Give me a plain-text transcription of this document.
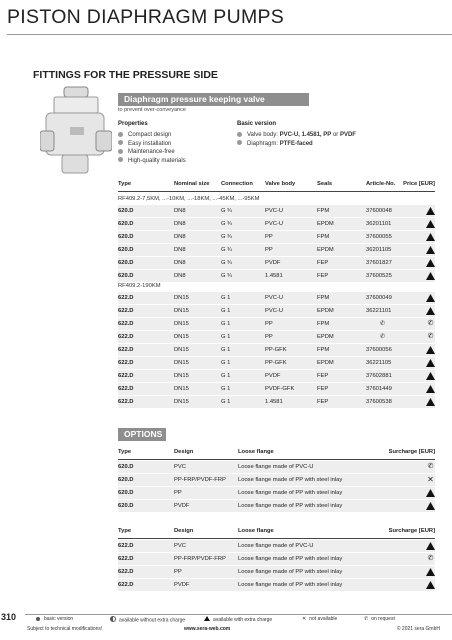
PISTON DIAPHRAGM PUMPS
FITTINGS FOR THE PRESSURE SIDE
Diaphragm pressure keeping valve
to prevent over-conveyance
Properties	Basic version
Compact design
Easy installation
Maintenance-free
High-quality materials
Valve body: PVC-U, 1.4581, PP or PVDF
Diaphragm: PTFE-faced
Type	Nominal size Connection Valve body	Seals	Article-No. Price [EUR]
RF409.2-7,5KM, ...-10KM, ...-18KM, ...-45KM, ...-95KM
620.D	DN8	G ¾	PVC-U	FPM	37600048
620.D	DN8	G ¾	PVC-U	EPDM	36201101
620.D	DN8	G ¾	PP	FPM	37600055
620.D	DN8	G ¾	PP	EPDM	36201105
620.D	DN8	G ¾	PVDF	FEP	37601827
620.D	DN8	G ¾	1.4581	FEP	37600525
RF409.2-190KM
622.D	DN15	G 1	PVC-U	FPM	37600049
622.D	DN15	G 1	PVC-U	EPDM	36221101
622.D	DN15	G 1	PP	FPM	✆	✆
622.D	DN15	G 1	PP	EPDM	✆	✆
622.D	DN15	G 1	PP-GFK	FPM	37600056
622.D	DN15	G 1	PP-GFK	EPDM	36221105
622.D	DN15	G 1	PVDF	FEP	37602881
622.D	DN15	G 1	PVDF-GFK	FEP	37601449
622.D	DN15	G 1	1.4581	FEP	37600538
OPTIONS
Type	Design	Loose flange	Surcharge [EUR]
620.D	PVC	Loose flange made of PVC-U	✆
620.D	PP-FRP/PVDF-FRP Loose flange made of PP with steel inlay	✕
620.D	PP	Loose flange made of PP with steel inlay
620.D	PVDF	Loose flange made of PP with steel inlay
Type	Design	Loose flange	Surcharge [EUR]
622.D	PVC	Loose flange made of PVC-U
622.D	PP-FRP/PVDF-FRP Loose flange made of PP with steel inlay	✆
622.D	PP	Loose flange made of PP with steel inlay
622.D	PVDF	Loose flange made of PP with steel inlay
310	basic version	available without extra charge	available with extra charge	✕ not available	✆ on request
Subject to technical modifications!	www.sera-web.com	© 2021 sera GmbH
